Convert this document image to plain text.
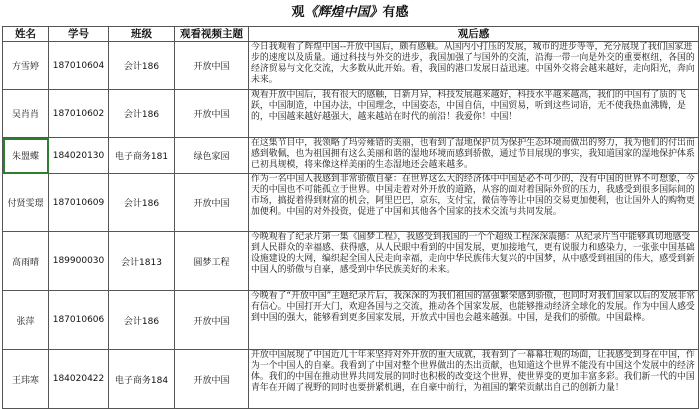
观《辉煌中国》有感
姓名	学号	班级	观看视频主题	观后感
方雪婷	187010604	会计186	开放中国	今日我观看了辉煌中国--开放中国后，颇有感触。从国内小打压的发展，城市的进步等等，充分展现了我们国家进步的速度以及质量。通过科技与外交的进步，我国加强了与国外的交流，沿海一带一向是外交的重要枢纽，各国的经济贸易与文化交流，大多数从此开始。看，我国的港口发展日益迅速。中国外交将会越来越好，走向阳光，奔向未来。
吴肖肖	187010602	会计186	开放中国	观看开放中国后，我有很大的感触，日新月异，科技发展越来越好，科技水平越来越高，我们的中国有了质的飞跃，中国制造，中国办法，中国理念，中国姿态，中国自信，中国贸易，听到这些词语，无不使我热血沸腾，是的，中国越来越好越强大，越来越站在时代的前沿！我爱你！中国！
朱盟蝶	184020130	电子商务181	绿色家园	在这集节目中，我领略了玛旁雍错的美丽，也看到了湿地保护员为保护生态环境而做出的努力，我为他们的付出而感到敬佩，也为祖国拥有这么美丽和谐的湿地环境而感到骄傲，通过节目展现的事实，我知道国家的湿地保护体系已初具规模，将来像这样美丽的生态湿地还会越来越多。
付贤雯璟	187010609	会计186	开放中国	作为一名中国人我感到非常骄傲自豪：在世界这么大的经济体中中国是必不可少的，没有中国的世界不可想象，今天的中国也不可能孤立于世界。中国走着对外开放的道路，从容的面对着国际外贸的压力，我感受到很多国际间的市场，搞捉着得到财富的机会，阿里巴巴，京东，支付宝，微信等等让中国的交易更加便利，也让国外人的购物更加便利。中国的对外投资，促进了中国和其他各个国家的技术交流与共同发展。
高雨晴	189900030	会计1813	圆梦工程	今晚观看了纪录片第一集《圆梦工程》，我感受到我国的一个个超级工程深深震撼：从纪录片当中能够真切地感受到人民群众的幸福感、获得感，从人民眼中看到的中国发展，更加接地气，更有说服力和感染力，一张张中国基础设施建设的大网，编织起全国人民走向幸福，走向中华民族伟大复兴的中国梦，从中感受到祖国的伟大，感受到新中国人的骄傲与自豪，感受到中华民族美好的未来。
张萍	187010606	会计186	开放中国	今晚看了“开放中国”主题纪录片后，我深深的为我们祖国的富强繁荣感到骄傲，也同时对我们国家以后的发展非常有信心。中国打开大门，欢迎各国与之交流，推动各个国家发展，也能够推动经济全球化的发展。作为中国人感受到中国的强大，能够看到更多国家发展，开放式中国也会越来越强。中国，是我们的骄傲。中国最棒。
王玮寒	184020422	电子商务184	开放中国	开放中国展现了中国近几十年来坚持对外开放的重大成就，我看到了一幕幕壮观的场面，让我感受到身在中国，作为一个中国人的自豪。我看到了中国对整个世界做出的杰出贡献，也知道这个世界不能没有中国这个发展中的经济体。我们的中国在推动世界共同发展的同时也积极的改变这个世界，使世界变的更加丰富多彩。我们新一代的中国青年在开阔了视野的同时也要拼紧机遇，在自豪中前行，为祖国的繁荣贡献出自己的创新力量！
